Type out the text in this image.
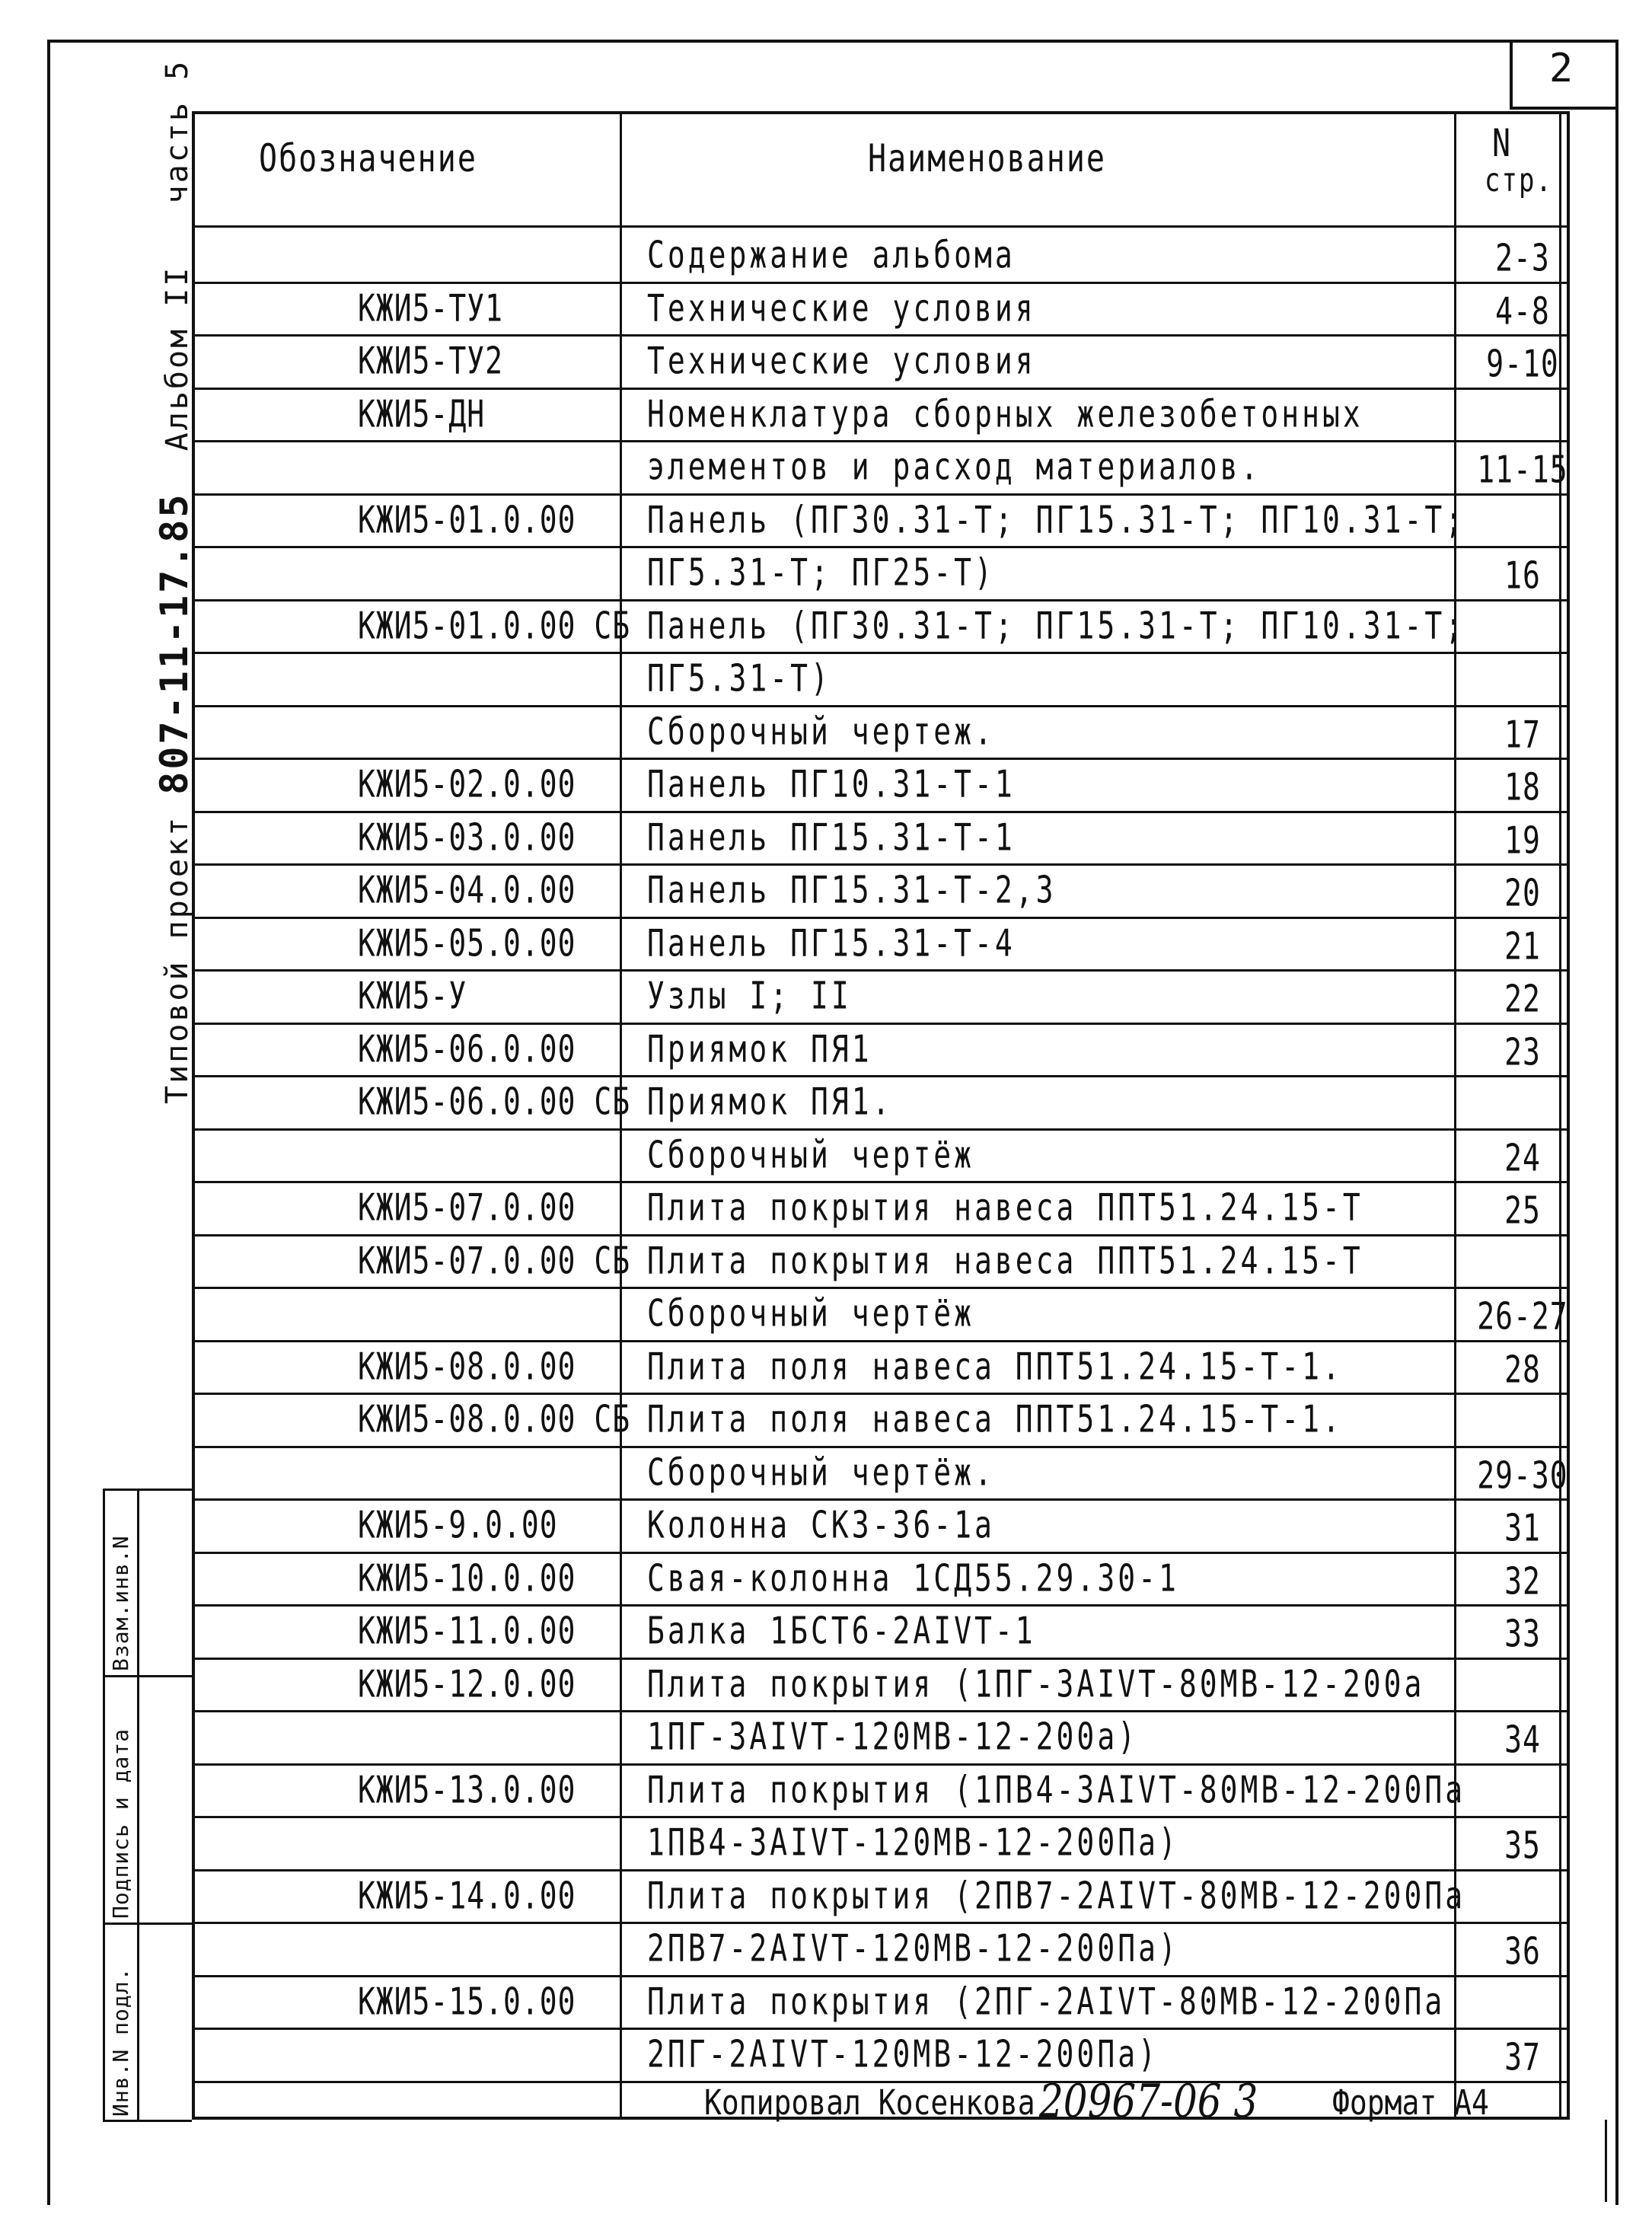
2
Обозначение	Наименование	N
стр.
Типовой проект 807-11-17.85  Альбом II   часть 5
Взам.инв.N
Подпись и дата
Инв.N подл.
Содержание альбома	2-3
КЖИ5-ТУ1	Технические условия	4-8
КЖИ5-ТУ2	Технические условия	9-10
КЖИ5-ДН	Номенклатура сборных железобетонных
элементов и расход материалов.	11-15
КЖИ5-01.0.00 Панель (ПГ30.31-Т; ПГ15.31-Т; ПГ10.31-Т;
ПГ5.31-Т; ПГ25-Т)	16
КЖИ5-01.0.00 СБ Панель (ПГ30.31-Т; ПГ15.31-Т; ПГ10.31-Т;
ПГ5.31-Т)
Сборочный чертеж.	17
КЖИ5-02.0.00 Панель ПГ10.31-Т-1	18
КЖИ5-03.0.00 Панель ПГ15.31-Т-1	19
КЖИ5-04.0.00 Панель ПГ15.31-Т-2,3	20
КЖИ5-05.0.00 Панель ПГ15.31-Т-4	21
КЖИ5-У	Узлы I; II	22
КЖИ5-06.0.00 Приямок ПЯ1	23
КЖИ5-06.0.00 СБ Приямок ПЯ1.
Сборочный чертёж	24
КЖИ5-07.0.00 Плита покрытия навеса ППТ51.24.15-Т	25
КЖИ5-07.0.00 СБ Плита покрытия навеса ППТ51.24.15-Т
Сборочный чертёж	26-27
КЖИ5-08.0.00 Плита поля навеса ППТ51.24.15-Т-1.	28
КЖИ5-08.0.00 СБ Плита поля навеса ППТ51.24.15-Т-1.
Сборочный чертёж.	29-30
КЖИ5-9.0.00	Колонна СК3-36-1а	31
КЖИ5-10.0.00 Свая-колонна 1СД55.29.30-1	32
КЖИ5-11.0.00 Балка 1БСТ6-2АIVТ-1	33
КЖИ5-12.0.00 Плита покрытия (1ПГ-3АIVТ-80МВ-12-200а
1ПГ-3АIVТ-120МВ-12-200а)	34
КЖИ5-13.0.00 Плита покрытия (1ПВ4-3АIVТ-80МВ-12-200Па
1ПВ4-3АIVТ-120МВ-12-200Па)	35
КЖИ5-14.0.00 Плита покрытия (2ПВ7-2АIVТ-80МВ-12-200Па
2ПВ7-2АIVТ-120МВ-12-200Па)	36
КЖИ5-15.0.00 Плита покрытия (2ПГ-2АIVТ-80МВ-12-200Па
2ПГ-2АIVТ-120МВ-12-200Па)	37
Копировал Косенкова 20967-06 3	Формат А4
